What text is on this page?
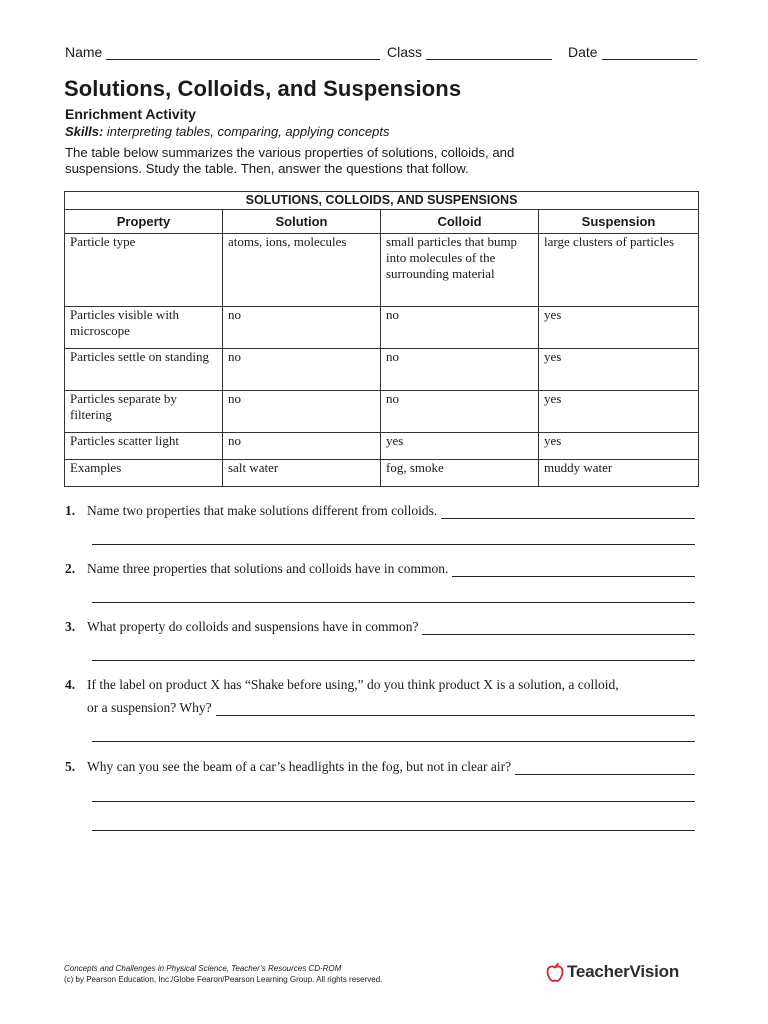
Name	Class	Date
Solutions, Colloids, and Suspensions
Enrichment Activity
Skills: interpreting tables, comparing, applying concepts
The table below summarizes the various properties of solutions, colloids, and suspensions. Study the table. Then, answer the questions that follow.
SOLUTIONS, COLLOIDS, AND SUSPENSIONS			
Property	Solution	Colloid	Suspension
Particle type	atoms, ions, molecules	small particles that bump into molecules of the surrounding material	large clusters of particles
Particles visible with microscope	no	no	yes
Particles settle on standing	no	no	yes
Particles separate by filtering	no	no	yes
Particles scatter light	no	yes	yes
Examples	salt water	fog, smoke	muddy water
1. Name two properties that make solutions different from colloids.
2. Name three properties that solutions and colloids have in common.
3. What property do colloids and suspensions have in common?
4. If the label on product X has “Shake before using,” do you think product X is a solution, a colloid,
or a suspension? Why?
5. Why can you see the beam of a car’s headlights in the fog, but not in clear air?
Concepts and Challenges in Physical Science, Teacher’s Resources CD-ROM
(c) by Pearson Education, Inc./Globe Fearon/Pearson Learning Group. All rights reserved.	TeacherVision
